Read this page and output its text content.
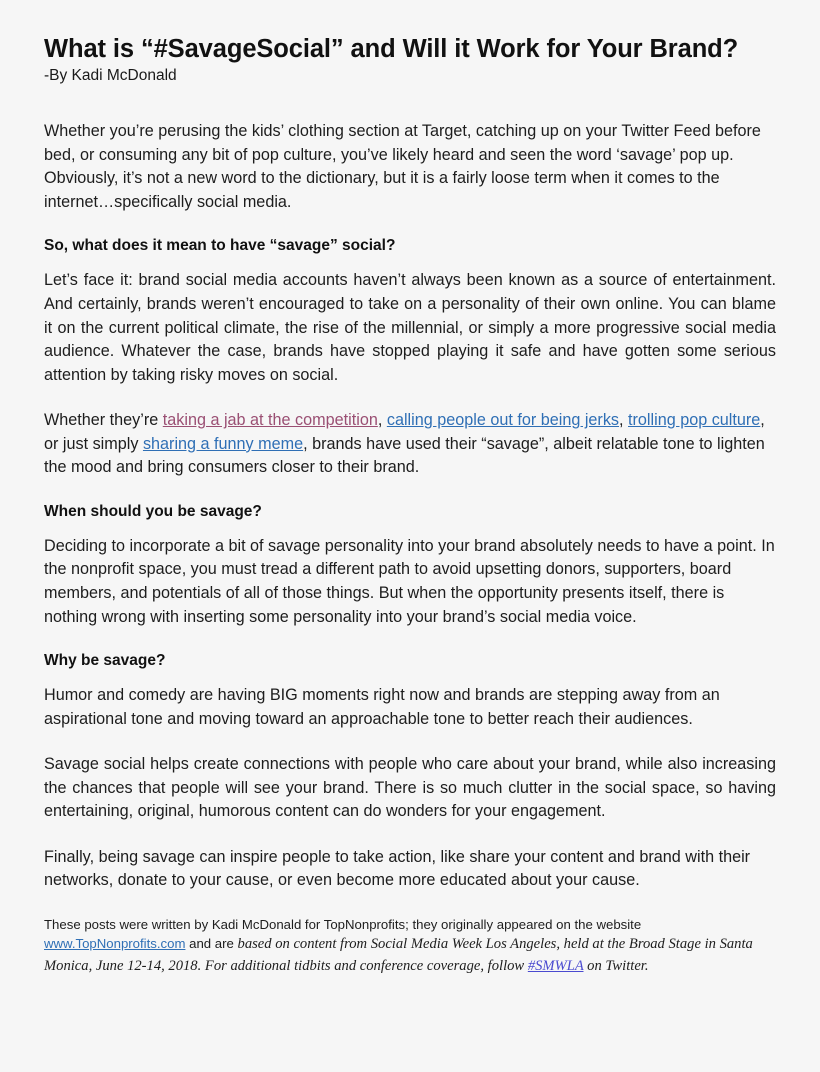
What is “#SavageSocial” and Will it Work for Your Brand?
-By Kadi McDonald

Whether you’re perusing the kids’ clothing section at Target, catching up on your Twitter Feed before bed, or consuming any bit of pop culture, you’ve likely heard and seen the word ‘savage’ pop up. Obviously, it’s not a new word to the dictionary, but it is a fairly loose term when it comes to the internet…specifically social media.

So, what does it mean to have “savage” social?

Let’s face it: brand social media accounts haven’t always been known as a source of entertainment. And certainly, brands weren’t encouraged to take on a personality of their own online. You can blame it on the current political climate, the rise of the millennial, or simply a more progressive social media audience. Whatever the case, brands have stopped playing it safe and have gotten some serious attention by taking risky moves on social.

Whether they’re taking a jab at the competition, calling people out for being jerks, trolling pop culture, or just simply sharing a funny meme, brands have used their “savage”, albeit relatable tone to lighten the mood and bring consumers closer to their brand.

When should you be savage?

Deciding to incorporate a bit of savage personality into your brand absolutely needs to have a point. In the nonprofit space, you must tread a different path to avoid upsetting donors, supporters, board members, and potentials of all of those things. But when the opportunity presents itself, there is nothing wrong with inserting some personality into your brand’s social media voice.

Why be savage?

Humor and comedy are having BIG moments right now and brands are stepping away from an aspirational tone and moving toward an approachable tone to better reach their audiences.

Savage social helps create connections with people who care about your brand, while also increasing the chances that people will see your brand. There is so much clutter in the social space, so having entertaining, original, humorous content can do wonders for your engagement.

Finally, being savage can inspire people to take action, like share your content and brand with their networks, donate to your cause, or even become more educated about your cause.

These posts were written by Kadi McDonald for TopNonprofits; they originally appeared on the website www.TopNonprofits.com and are based on content from Social Media Week Los Angeles, held at the Broad Stage in Santa Monica, June 12-14, 2018. For additional tidbits and conference coverage, follow #SMWLA on Twitter.
